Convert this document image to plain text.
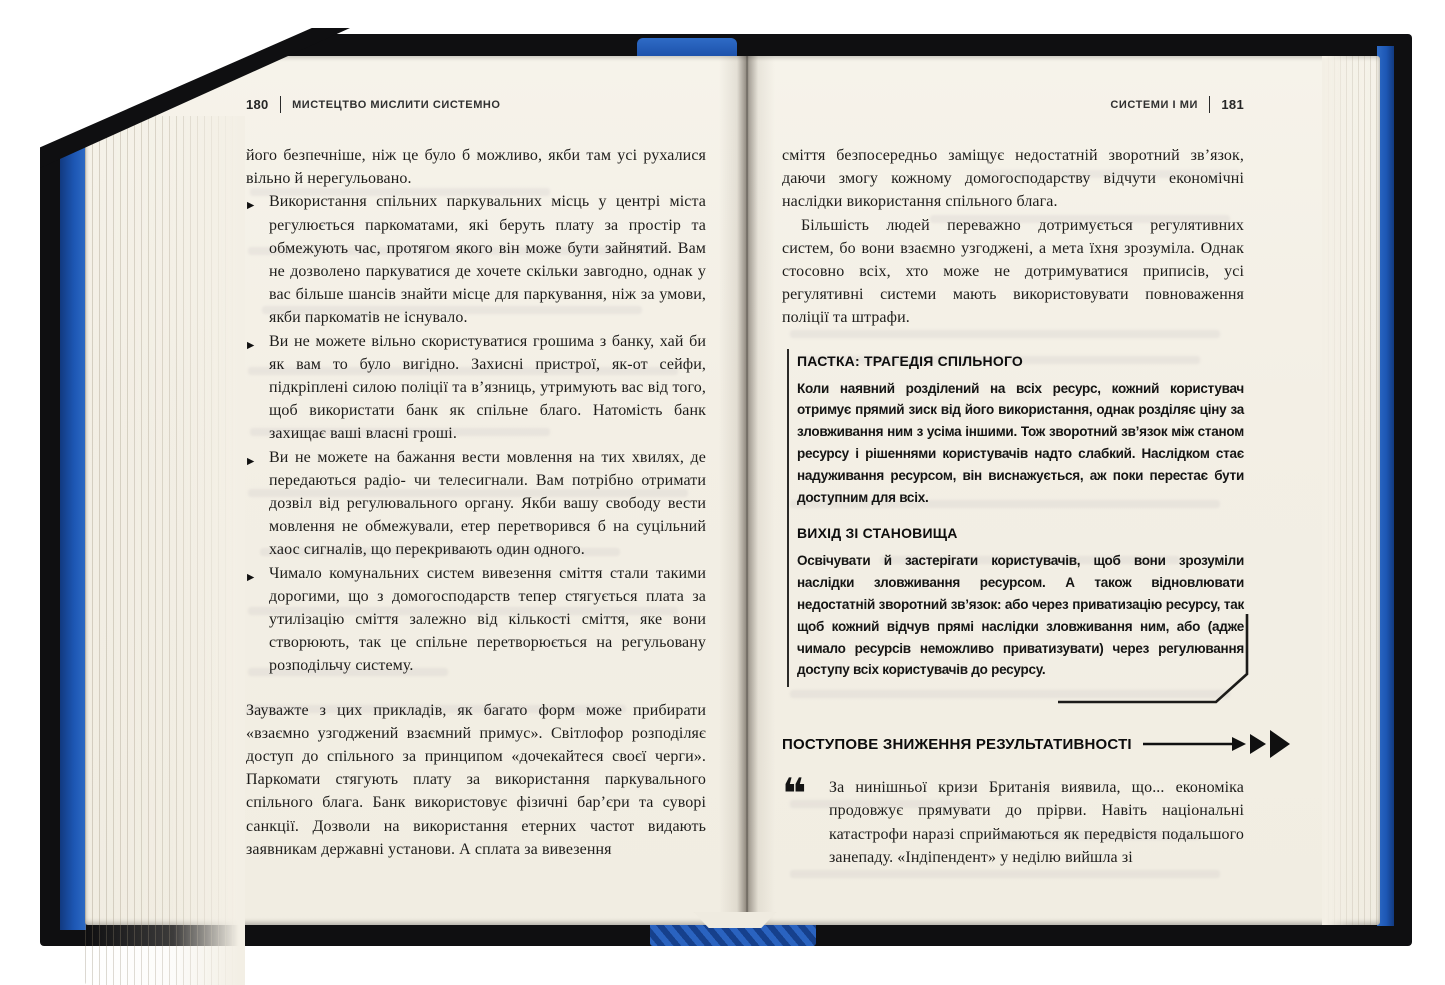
180 МИСТЕЦТВО МИСЛИТИ СИСТЕМНО	СИСТЕМИ І МИ 181

його безпечніше, ніж це було б можливо, якби там усі рухалися вільно й нерегульовано.

▶ Використання спільних паркувальних місць у центрі міста регулюється паркоматами, які беруть плату за простір та обмежують час, протягом якого він може бути зайнятий. Вам не дозволено паркуватися де хочете скільки завгодно, однак у вас більше шансів знайти місце для паркування, ніж за умови, якби паркоматів не існувало.
▶ Ви не можете вільно скористуватися грошима з банку, хай би як вам то було вигідно. Захисні пристрої, як-от сейфи, підкріплені силою поліції та в’язниць, утримують вас від того, щоб використати банк як спільне благо. Натомість банк захищає ваші власні гроші.
▶ Ви не можете на бажання вести мовлення на тих хвилях, де передаються радіо- чи телесигнали. Вам потрібно отримати дозвіл від регулювального органу. Якби вашу свободу вести мовлення не обмежували, етер перетворився б на суцільний хаос сигналів, що перекривають один одного.
▶ Чимало комунальних систем вивезення сміття стали такими дорогими, що з домогосподарств тепер стягується плата за утилізацію сміття залежно від кількості сміття, яке вони створюють, так це спільне перетворюється на регульовану розподільчу систему.

Зауважте з цих прикладів, як багато форм може прибирати «взаємно узгоджений взаємний примус». Світлофор розподіляє доступ до спільного за принципом «дочекайтеся своєї черги». Паркомати стягують плату за використання паркувального спільного блага. Банк використовує фізичні бар’єри та суворі санкції. Дозволи на використання етерних частот видають заявникам державні установи. А сплата за вивезення

сміття безпосередньо заміщує недостатній зворотний зв’язок, даючи змогу кожному домогосподарству відчути економічні наслідки використання спільного блага.

Більшість людей переважно дотримується регулятивних систем, бо вони взаємно узгоджені, а мета їхня зрозуміла. Однак стосовно всіх, хто може не дотримуватися приписів, усі регулятивні системи мають використовувати повноваження поліції та штрафи.

ПАСТКА: ТРАГЕДІЯ СПІЛЬНОГО
Коли наявний розділений на всіх ресурс, кожний користувач отримує прямий зиск від його використання, однак розділяє ціну за зловживання ним з усіма іншими. Тож зворотний зв’язок між станом ресурсу і рішеннями користувачів надто слабкий. Наслідком стає надуживання ресурсом, він виснажується, аж поки перестає бути доступним для всіх.
ВИХІД ЗІ СТАНОВИЩА
Освічувати й застерігати користувачів, щоб вони зрозуміли наслідки зловживання ресурсом. А також відновлювати недостатній зворотний зв’язок: або через приватизацію ресурсу, так щоб кожний відчув прямі наслідки зловживання ним, або (адже чимало ресурсів неможливо приватизувати) через регулювання доступу всіх користувачів до ресурсу.
ПОСТУПОВЕ ЗНИЖЕННЯ РЕЗУЛЬТАТИВНОСТІ
❝	За нинішньої кризи Британія виявила, що... економіка продовжує прямувати до прірви. Навіть національні катастрофи наразі сприймаються як передвістя подальшого занепаду. «Індіпендент» у неділю вийшла зі
